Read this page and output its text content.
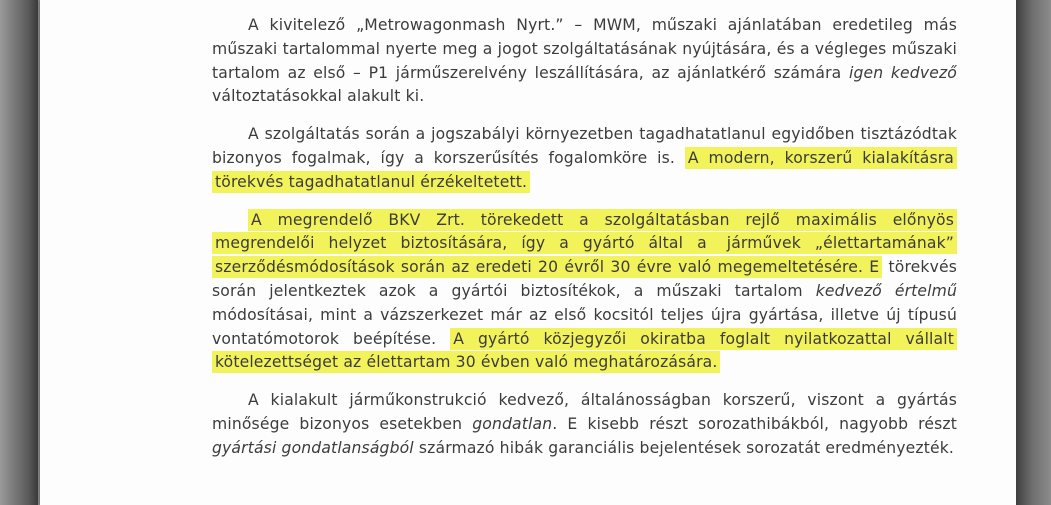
A kivitelező „Metrowagonmash Nyrt.” – MWM, műszaki ajánlatában eredetileg más műszaki tartalommal nyerte meg a jogot szolgáltatásának nyújtására, és a végleges műszaki tartalom az első – P1 járműszerelvény leszállítására, az ajánlatkérő számára igen kedvező változtatásokkal alakult ki.

A szolgáltatás során a jogszabályi környezetben tagadhatatlanul egyidőben tisztázódtak bizonyos fogalmak, így a korszerűsítés fogalomköre is. A modern, korszerű kialakításra törekvés tagadhatatlanul érzékeltetett.

A megrendelő BKV Zrt. törekedett a szolgáltatásban rejlő maximális előnyös megrendelői helyzet biztosítására, így a gyártó által a járművek „élettartamának” szerződésmódosítások során az eredeti 20 évről 30 évre való megemeltetésére. E törekvés során jelentkeztek azok a gyártói biztosítékok, a műszaki tartalom kedvező értelmű módosításai, mint a vázszerkezet már az első kocsitól teljes újra gyártása, illetve új típusú vontatómotorok beépítése. A gyártó közjegyzői okiratba foglalt nyilatkozattal vállalt kötelezettséget az élettartam 30 évben való meghatározására.

A kialakult járműkonstrukció kedvező, általánosságban korszerű, viszont a gyártás minősége bizonyos esetekben gondatlan. E kisebb részt sorozathibákból, nagyobb részt gyártási gondatlanságból származó hibák garanciális bejelentések sorozatát eredményezték.
